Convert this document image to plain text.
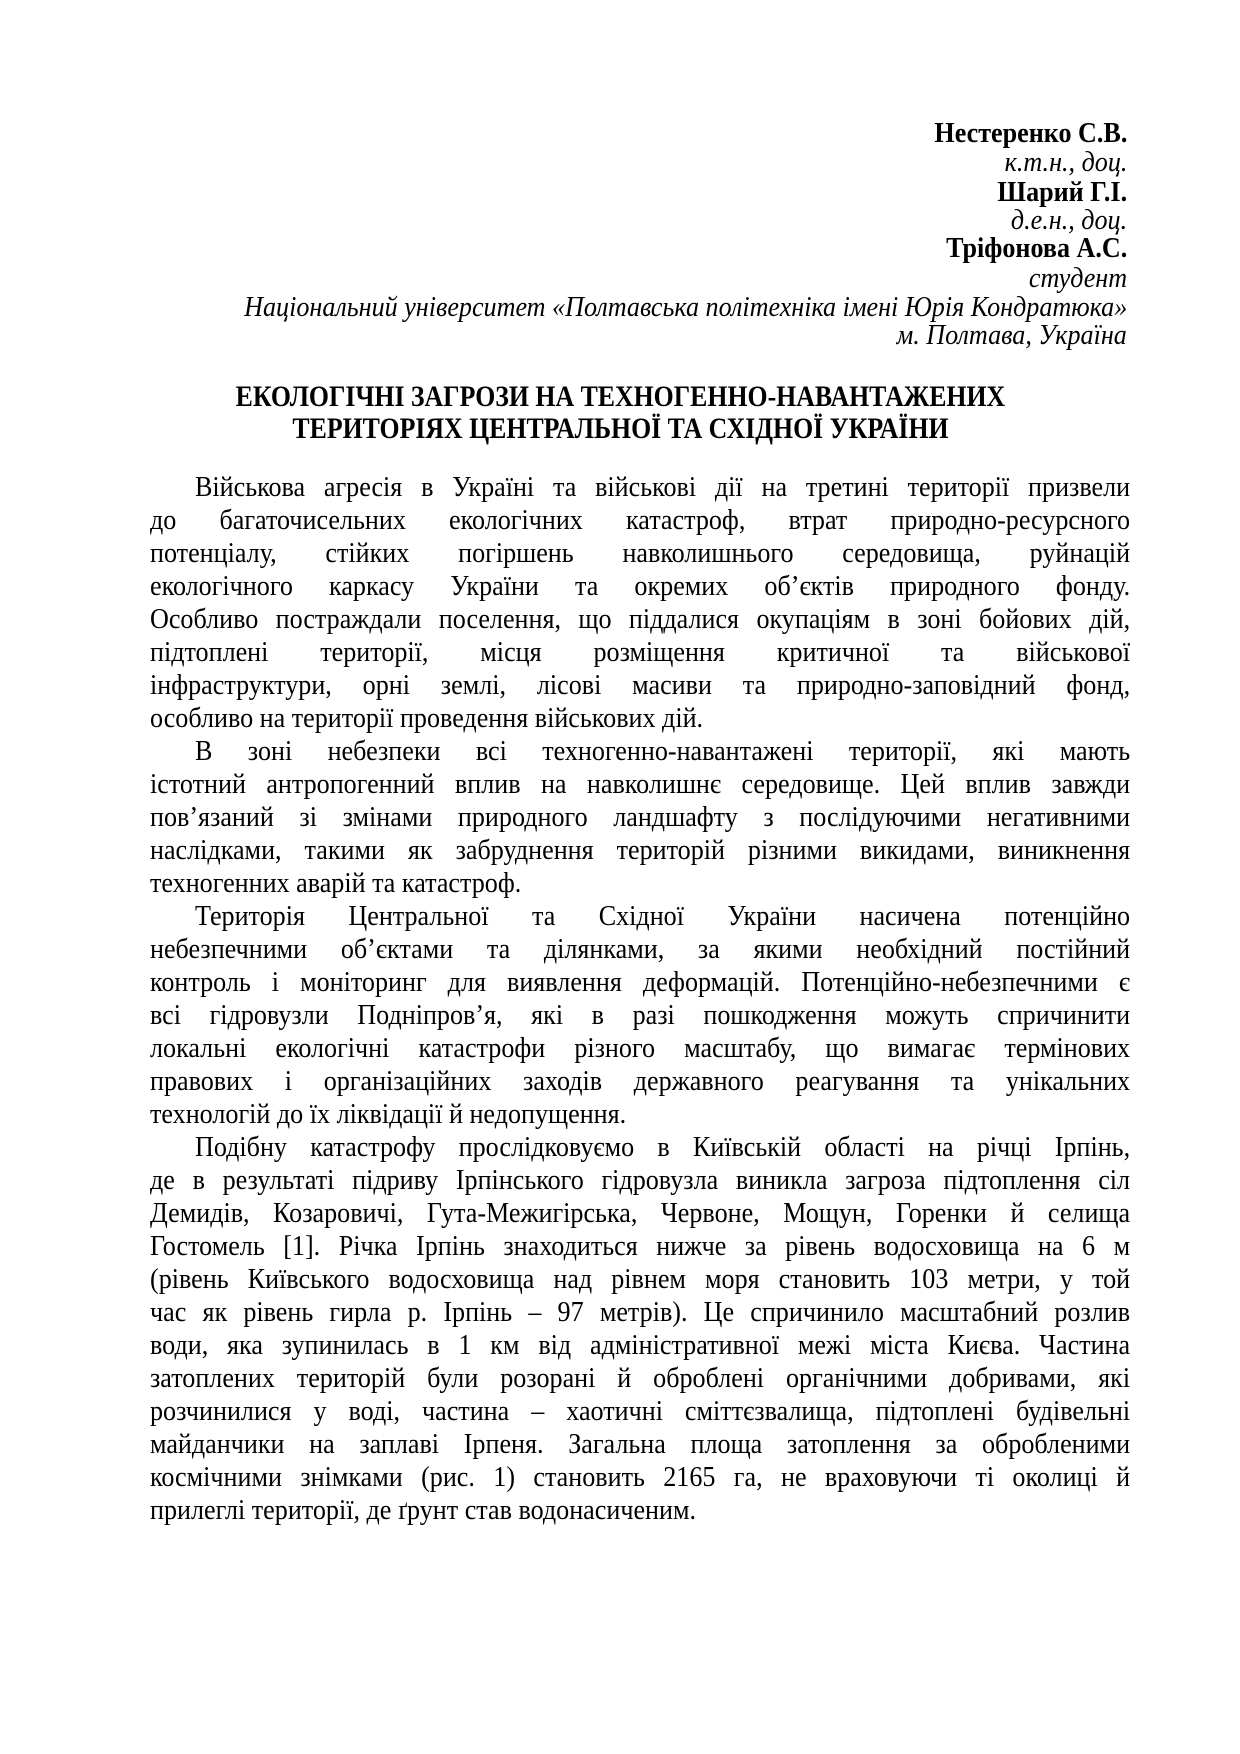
Нестеренко С.В.
к.т.н., доц.
Шарий Г.І.
д.е.н., доц.
Тріфонова А.С.
студент
Національний університет «Полтавська політехніка імені Юрія Кондратюка»
м. Полтава, Україна
ЕКОЛОГІЧНІ ЗАГРОЗИ НА ТЕХНОГЕННО-НАВАНТАЖЕНИХ
ТЕРИТОРІЯХ ЦЕНТРАЛЬНОЇ ТА СХІДНОЇ УКРАЇНИ
Військова агресія в Україні та військові дії на третині території призвели
до багаточисельних екологічних катастроф, втрат природно-ресурсного
потенціалу, стійких погіршень навколишнього середовища, руйнацій
екологічного каркасу України та окремих об’єктів природного фонду.
Особливо постраждали поселення, що піддалися окупаціям в зоні бойових дій,
підтоплені території, місця розміщення критичної та військової
інфраструктури, орні землі, лісові масиви та природно-заповідний фонд,
особливо на території проведення військових дій.
В зоні небезпеки всі техногенно-навантажені території, які мають
істотний антропогенний вплив на навколишнє середовище. Цей вплив завжди
пов’язаний зі змінами природного ландшафту з послідуючими негативними
наслідками, такими як забруднення територій різними викидами, виникнення
техногенних аварій та катастроф.
Територія Центральної та Східної України насичена потенційно
небезпечними об’єктами та ділянками, за якими необхідний постійний
контроль і моніторинг для виявлення деформацій. Потенційно-небезпечними є
всі гідровузли Подніпров’я, які в разі пошкодження можуть спричинити
локальні екологічні катастрофи різного масштабу, що вимагає термінових
правових і організаційних заходів державного реагування та унікальних
технологій до їх ліквідації й недопущення.
Подібну катастрофу прослідковуємо в Київській області на річці Ірпінь,
де в результаті підриву Ірпінського гідровузла виникла загроза підтоплення сіл
Демидів, Козаровичі, Гута-Межигірська, Червоне, Мощун, Горенки й селища
Гостомель [1]. Річка Ірпінь знаходиться нижче за рівень водосховища на 6 м
(рівень Київського водосховища над рівнем моря становить 103 метри, у той
час як рівень гирла р. Ірпінь – 97 метрів). Це спричинило масштабний розлив
води, яка зупинилась в 1 км від адміністративної межі міста Києва. Частина
затоплених територій були розорані й оброблені органічними добривами, які
розчинилися у воді, частина – хаотичні сміттєзвалища, підтоплені будівельні
майданчики на заплаві Ірпеня. Загальна площа затоплення за обробленими
космічними знімками (рис. 1) становить 2165 га, не враховуючи ті околиці й
прилеглі території, де ґрунт став водонасиченим.
